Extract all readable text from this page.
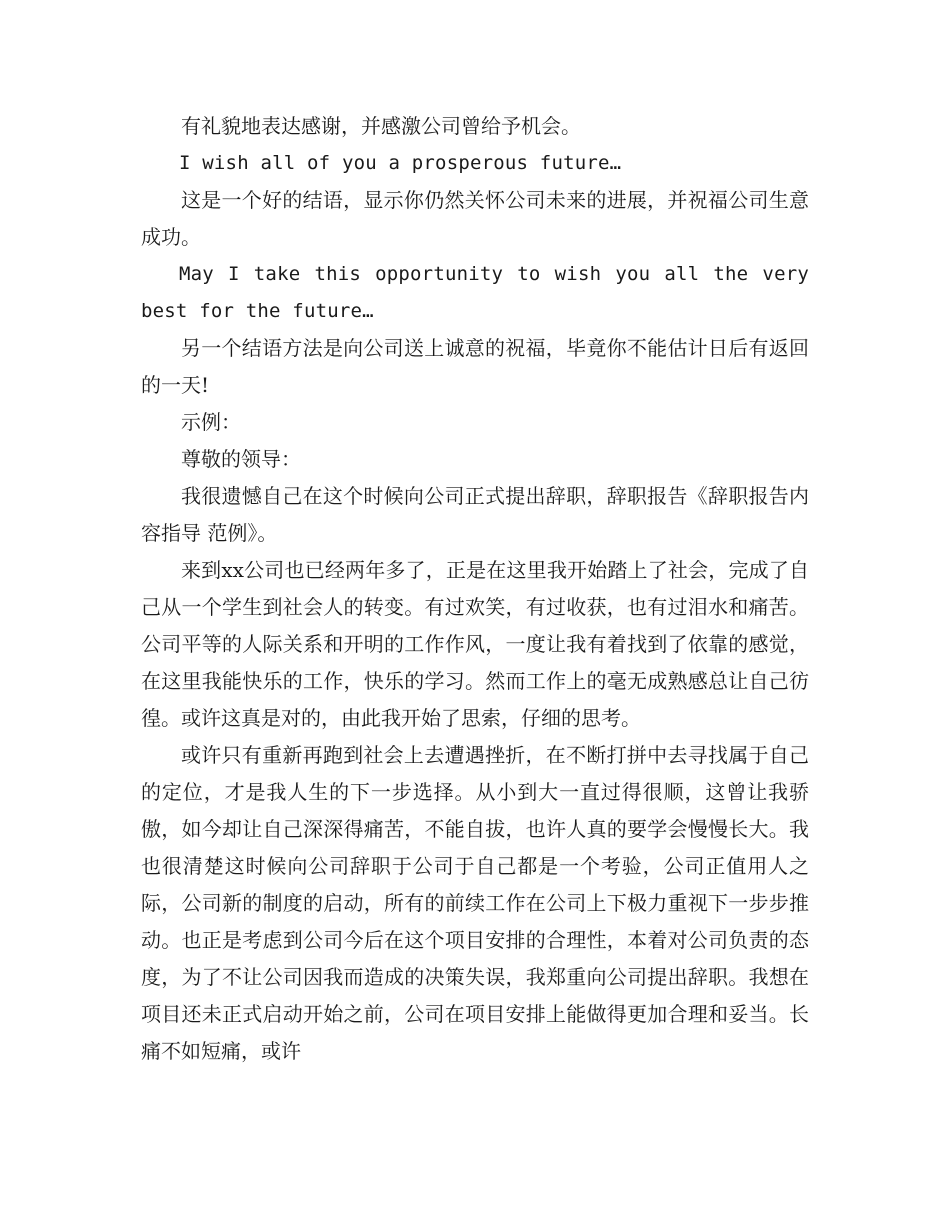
有礼貌地表达感谢，并感激公司曾给予机会。

I wish all of you a prosperous future…

这是一个好的结语，显示你仍然关怀公司未来的进展，并祝福公司生意成功。

May I take this opportunity to wish you all the very best for the future…

另一个结语方法是向公司送上诚意的祝福，毕竟你不能估计日后有返回的一天!

示例：

尊敬的领导：

我很遗憾自己在这个时候向公司正式提出辞职，辞职报告《辞职报告内容指导 范例》。

来到xx公司也已经两年多了，正是在这里我开始踏上了社会，完成了自己从一个学生到社会人的转变。有过欢笑，有过收获，也有过泪水和痛苦。公司平等的人际关系和开明的工作作风，一度让我有着找到了依靠的感觉，在这里我能快乐的工作，快乐的学习。然而工作上的毫无成熟感总让自己彷徨。或许这真是对的，由此我开始了思索，仔细的思考。

或许只有重新再跑到社会上去遭遇挫折，在不断打拼中去寻找属于自己的定位，才是我人生的下一步选择。从小到大一直过得很顺，这曾让我骄傲，如今却让自己深深得痛苦，不能自拔，也许人真的要学会慢慢长大。我也很清楚这时候向公司辞职于公司于自己都是一个考验，公司正值用人之际，公司新的制度的启动，所有的前续工作在公司上下极力重视下一步步推动。也正是考虑到公司今后在这个项目安排的合理性，本着对公司负责的态度，为了不让公司因我而造成的决策失误，我郑重向公司提出辞职。我想在项目还未正式启动开始之前，公司在项目安排上能做得更加合理和妥当。长痛不如短痛，或许
